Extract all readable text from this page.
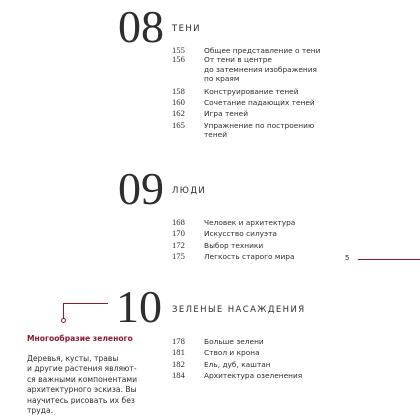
08 ТЕНИ
155	Общее представление о тени
156	От тени в центре
до затемнения изображения
по краям
158	Конструирование теней
160	Сочетание падающих теней
162	Игра теней
165	Упражнение по построению
теней
09 ЛЮДИ
168	Человек и архитектура
170	Искусство силуэта
172	Выбор техники
175	Легкость старого мира	5
10 ЗЕЛЕНЫЕ НАСАЖДЕНИЯ
178	Больше зелени
181	Ствол и крона
182	Ель, дуб, каштан
184	Архитектура озеленения
Многообразие зеленого
Деревья, кусты, травы
и другие растения являют-
ся важными компонентами
архитектурного эскиза. Вы
научитесь рисовать их без
труда.
